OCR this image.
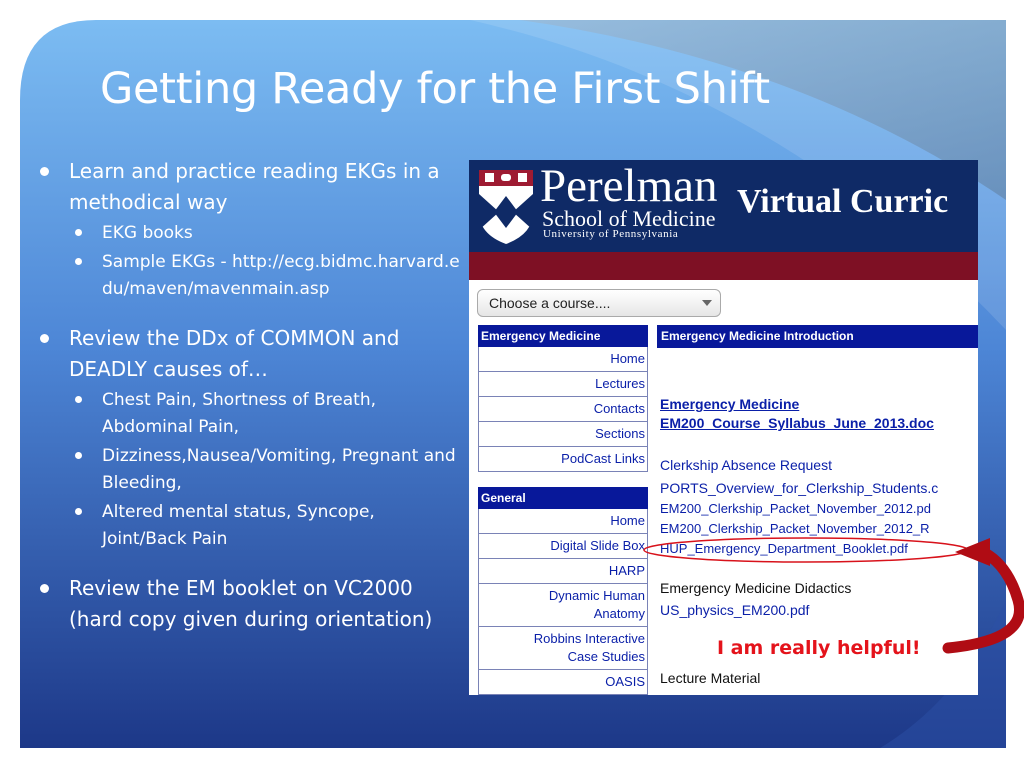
Getting Ready for the First Shift
Learn and practice reading EKGs in a methodical way
EKG books
Sample EKGs - http://ecg.bidmc.harvard.edu/maven/mavenmain.asp
Review the DDx of COMMON and DEADLY causes of…
Chest Pain, Shortness of Breath, Abdominal Pain,
Dizziness,Nausea/Vomiting, Pregnant and Bleeding,
Altered mental status, Syncope, Joint/Back Pain
Review the EM booklet on VC2000 (hard copy given during orientation)
Perelman
School of Medicine
University of Pennsylvania
Virtual Curric
Choose a course....
Emergency Medicine
Home
Lectures
Contacts
Sections
PodCast Links
General
Home
Digital Slide Box
HARP
Dynamic Human Anatomy
Robbins Interactive Case Studies
OASIS
Emergency Medicine Introduction
Emergency Medicine
EM200_Course_Syllabus_June_2013.doc
Clerkship Absence Request
PORTS_Overview_for_Clerkship_Students.c
EM200_Clerkship_Packet_November_2012.pd
EM200_Clerkship_Packet_November_2012_R
HUP_Emergency_Department_Booklet.pdf
Emergency Medicine Didactics
US_physics_EM200.pdf
Lecture Material
I am really helpful!
